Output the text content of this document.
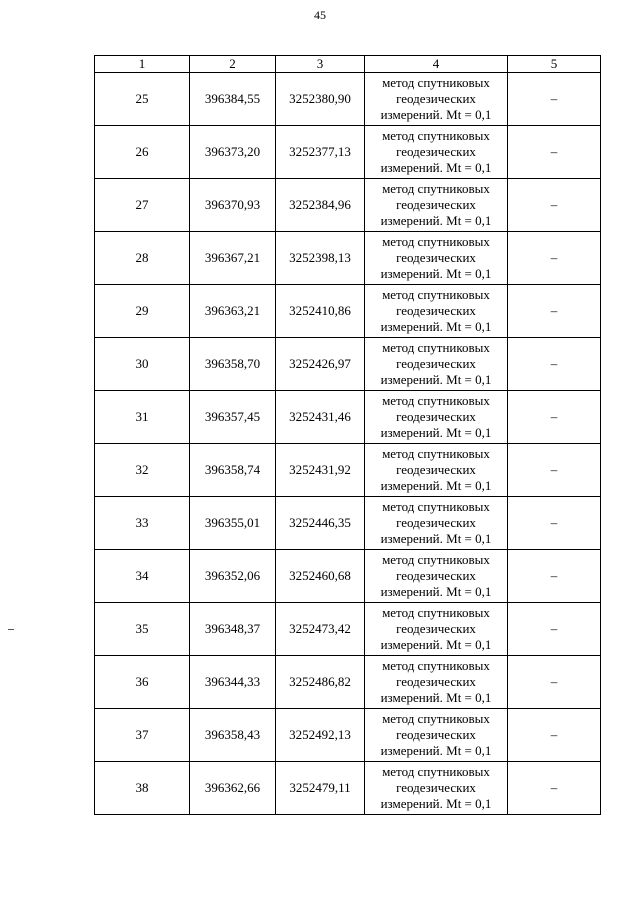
45
1	2	3	4	5
25	396384,55	3252380,90	метод спутниковых
геодезических
измерений. Mt = 0,1	–
26	396373,20	3252377,13	метод спутниковых
геодезических
измерений. Mt = 0,1	–
27	396370,93	3252384,96	метод спутниковых
геодезических
измерений. Mt = 0,1	–
28	396367,21	3252398,13	метод спутниковых
геодезических
измерений. Mt = 0,1	–
29	396363,21	3252410,86	метод спутниковых
геодезических
измерений. Mt = 0,1	–
30	396358,70	3252426,97	метод спутниковых
геодезических
измерений. Mt = 0,1	–
31	396357,45	3252431,46	метод спутниковых
геодезических
измерений. Mt = 0,1	–
32	396358,74	3252431,92	метод спутниковых
геодезических
измерений. Mt = 0,1	–
33	396355,01	3252446,35	метод спутниковых
геодезических
измерений. Mt = 0,1	–
34	396352,06	3252460,68	метод спутниковых
геодезических
измерений. Mt = 0,1	–
35	396348,37	3252473,42	метод спутниковых
геодезических
измерений. Mt = 0,1	–
36	396344,33	3252486,82	метод спутниковых
геодезических
измерений. Mt = 0,1	–
37	396358,43	3252492,13	метод спутниковых
геодезических
измерений. Mt = 0,1	–
38	396362,66	3252479,11	метод спутниковых
геодезических
измерений. Mt = 0,1	–
